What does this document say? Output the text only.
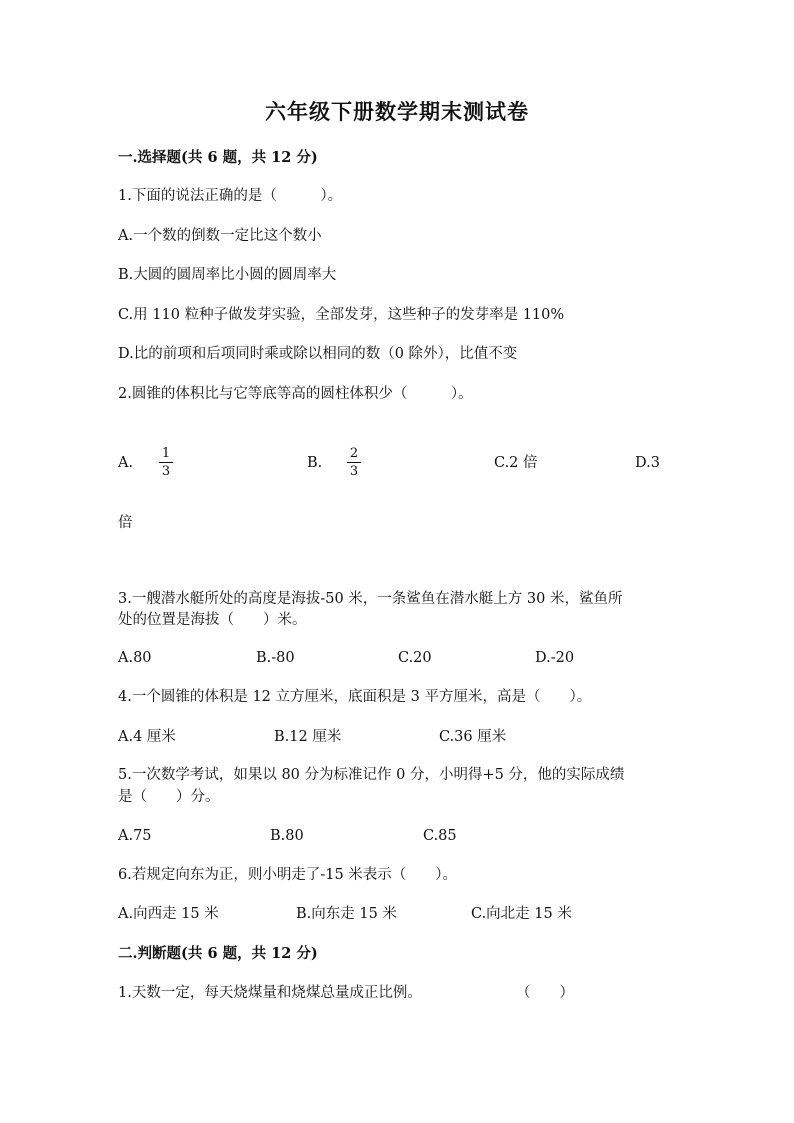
六年级下册数学期末测试卷
一.选择题(共 6 题，共 12 分)
1.下面的说法正确的是（　　　）。
A.一个数的倒数一定比这个数小
B.大圆的圆周率比小圆的圆周率大
C.用 110 粒种子做发芽实验，全部发芽，这些种子的发芽率是 110%
D.比的前项和后项同时乘或除以相同的数（0 除外），比值不变
2.圆锥的体积比与它等底等高的圆柱体积少（　　　）。
A. $\frac{1}{3}$	B. $\frac{2}{3}$	C.2 倍	D.3
倍
3.一艘潜水艇所处的高度是海拔-50 米，一条鲨鱼在潜水艇上方 30 米，鲨鱼所
处的位置是海拔（　　）米。
A.80	B.-80	C.20	D.-20
4.一个圆锥的体积是 12 立方厘米，底面积是 3 平方厘米，高是（　　）。
A.4 厘米	B.12 厘米	C.36 厘米
5.一次数学考试，如果以 80 分为标准记作 0 分，小明得+5 分，他的实际成绩
是（　　）分。
A.75	B.80	C.85
6.若规定向东为正，则小明走了-15 米表示（　　）。
A.向西走 15 米	B.向东走 15 米	C.向北走 15 米
二.判断题(共 6 题，共 12 分)
1.天数一定，每天烧煤量和烧煤总量成正比例。	（　　）
